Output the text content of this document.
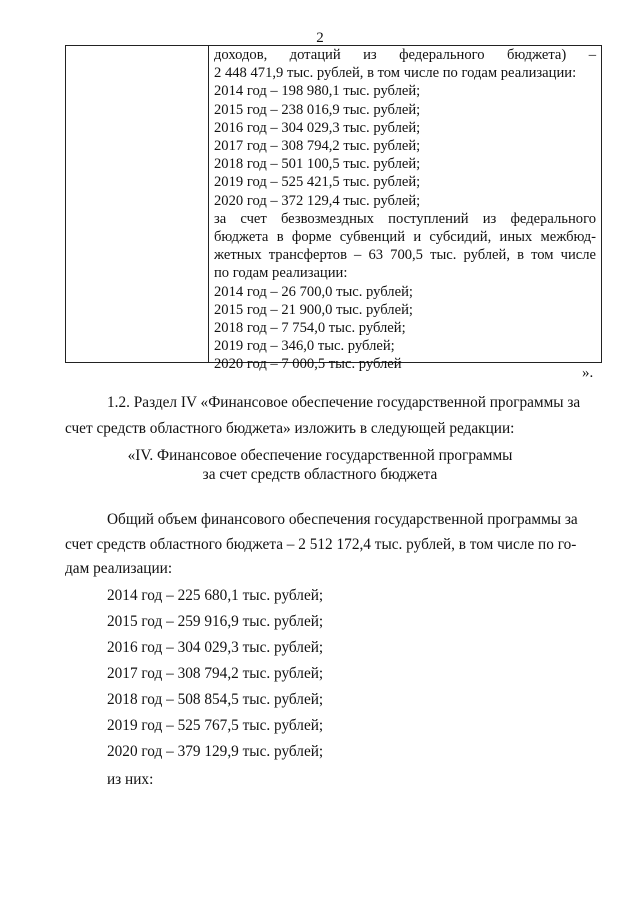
2
доходов, дотаций из федерального бюджета) –
2 448 471,9 тыс. рублей, в том числе по годам реализации:
2014 год – 198 980,1 тыс. рублей;
2015 год – 238 016,9 тыс. рублей;
2016 год – 304 029,3 тыс. рублей;
2017 год – 308 794,2 тыс. рублей;
2018 год – 501 100,5 тыс. рублей;
2019 год – 525 421,5 тыс. рублей;
2020 год – 372 129,4 тыс. рублей;
за счет безвозмездных поступлений из федерального
бюджета в форме субвенций и субсидий, иных межбюд-
жетных трансфертов – 63 700,5 тыс. рублей, в том числе
по годам реализации:
2014 год – 26 700,0 тыс. рублей;
2015 год – 21 900,0 тыс. рублей;
2018 год – 7 754,0 тыс. рублей;
2019 год – 346,0 тыс. рублей;
2020 год – 7 000,5 тыс. рублей
».
1.2. Раздел IV «Финансовое обеспечение государственной программы за
счет средств областного бюджета» изложить в следующей редакции:
«IV. Финансовое обеспечение государственной программы
за счет средств областного бюджета
Общий объем финансового обеспечения государственной программы за
счет средств областного бюджета – 2 512 172,4 тыс. рублей, в том числе по го-
дам реализации:
2014 год – 225 680,1 тыс. рублей;
2015 год – 259 916,9 тыс. рублей;
2016 год – 304 029,3 тыс. рублей;
2017 год – 308 794,2 тыс. рублей;
2018 год – 508 854,5 тыс. рублей;
2019 год – 525 767,5 тыс. рублей;
2020 год – 379 129,9 тыс. рублей;
из них:
